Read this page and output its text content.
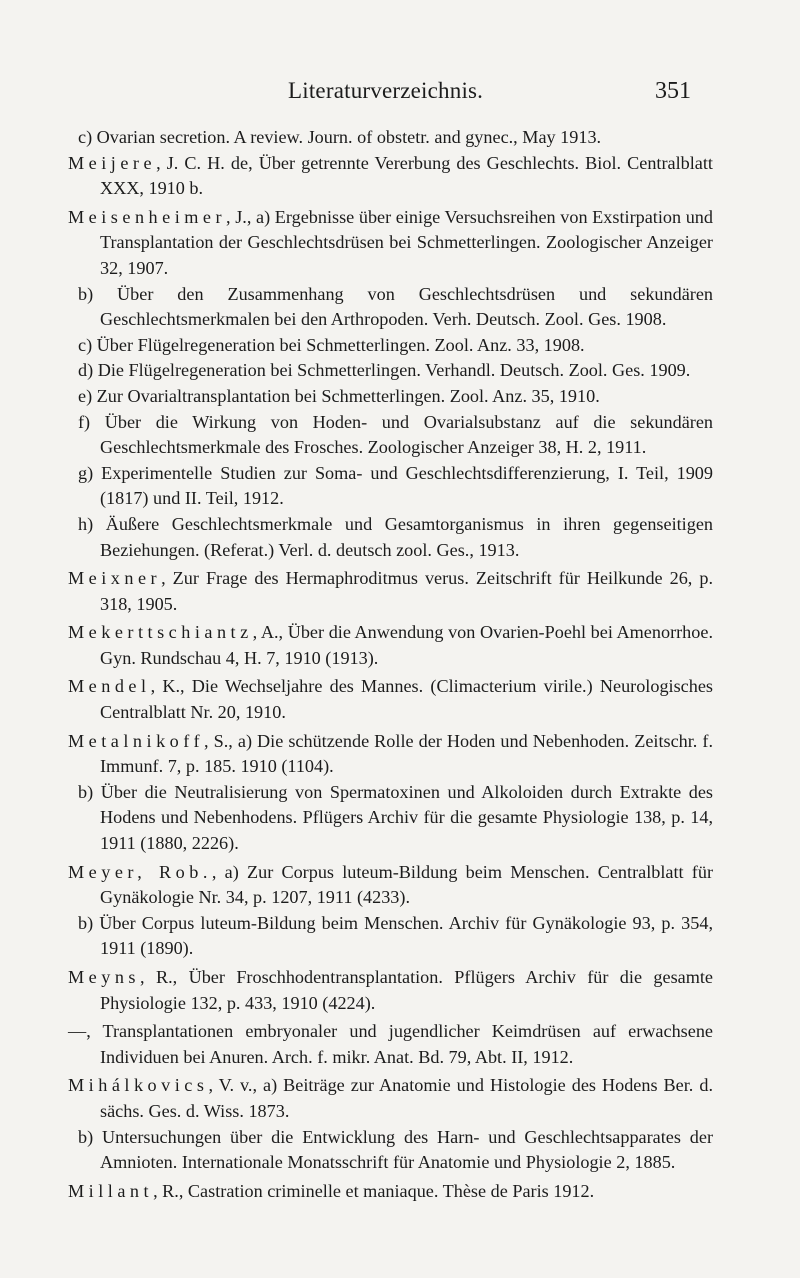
Literaturverzeichnis.	351

c) Ovarian secretion. A review. Journ. of obstetr. and gynec., May 1913.

Meijere, J. C. H. de, Über getrennte Vererbung des Geschlechts. Biol. Centralblatt XXX, 1910 b.

Meisenheimer, J., a) Ergebnisse über einige Versuchsreihen von Exstirpation und Transplantation der Geschlechtsdrüsen bei Schmetterlingen. Zoologischer Anzeiger 32, 1907.

b) Über den Zusammenhang von Geschlechtsdrüsen und sekundären Geschlechtsmerkmalen bei den Arthropoden. Verh. Deutsch. Zool. Ges. 1908.

c) Über Flügelregeneration bei Schmetterlingen. Zool. Anz. 33, 1908.

d) Die Flügelregeneration bei Schmetterlingen. Verhandl. Deutsch. Zool. Ges. 1909.

e) Zur Ovarialtransplantation bei Schmetterlingen. Zool. Anz. 35, 1910.

f) Über die Wirkung von Hoden- und Ovarialsubstanz auf die sekundären Geschlechtsmerkmale des Frosches. Zoologischer Anzeiger 38, H. 2, 1911.

g) Experimentelle Studien zur Soma- und Geschlechtsdifferenzierung, I. Teil, 1909 (1817) und II. Teil, 1912.

h) Äußere Geschlechtsmerkmale und Gesamtorganismus in ihren gegenseitigen Beziehungen. (Referat.) Verl. d. deutsch zool. Ges., 1913.

Meixner, Zur Frage des Hermaphroditmus verus. Zeitschrift für Heilkunde 26, p. 318, 1905.

Mekerttschiantz, A., Über die Anwendung von Ovarien-Poehl bei Amenorrhoe. Gyn. Rundschau 4, H. 7, 1910 (1913).

Mendel, K., Die Wechseljahre des Mannes. (Climacterium virile.) Neurologisches Centralblatt Nr. 20, 1910.

Metalnikoff, S., a) Die schützende Rolle der Hoden und Nebenhoden. Zeitschr. f. Immunf. 7, p. 185. 1910 (1104).

b) Über die Neutralisierung von Spermatoxinen und Alkoloiden durch Extrakte des Hodens und Nebenhodens. Pflügers Archiv für die gesamte Physiologie 138, p. 14, 1911 (1880, 2226).

Meyer, Rob., a) Zur Corpus luteum-Bildung beim Menschen. Centralblatt für Gynäkologie Nr. 34, p. 1207, 1911 (4233).

b) Über Corpus luteum-Bildung beim Menschen. Archiv für Gynäkologie 93, p. 354, 1911 (1890).

Meyns, R., Über Froschhodentransplantation. Pflügers Archiv für die gesamte Physiologie 132, p. 433, 1910 (4224).

—, Transplantationen embryonaler und jugendlicher Keimdrüsen auf erwachsene Individuen bei Anuren. Arch. f. mikr. Anat. Bd. 79, Abt. II, 1912.

Mihálkovics, V. v., a) Beiträge zur Anatomie und Histologie des Hodens Ber. d. sächs. Ges. d. Wiss. 1873.

b) Untersuchungen über die Entwicklung des Harn- und Geschlechtsapparates der Amnioten. Internationale Monatsschrift für Anatomie und Physiologie 2, 1885.

Millant, R., Castration criminelle et maniaque. Thèse de Paris 1912.
